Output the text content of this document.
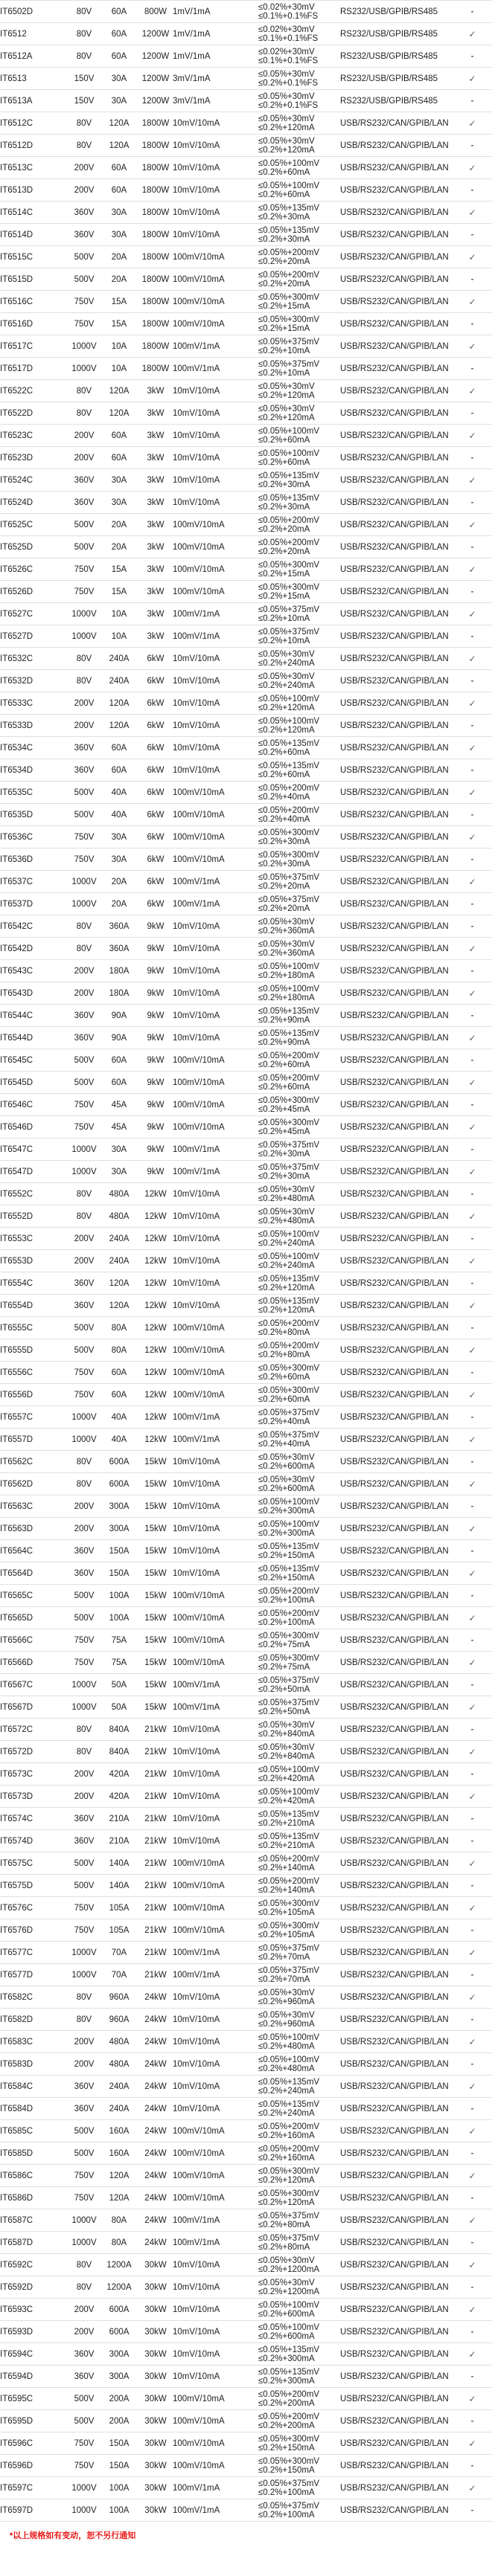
IT6502D	80V	60A	800W	1mV/1mA	≤0.02%+30mV
≤0.1%+0.1%FS	RS232/USB/GPIB/RS485	-
IT6512	80V	60A	1200W	1mV/1mA	≤0.02%+30mV
≤0.1%+0.1%FS	RS232/USB/GPIB/RS485	✓
IT6512A	80V	60A	1200W	1mV/1mA	≤0.02%+30mV
≤0.1%+0.1%FS	RS232/USB/GPIB/RS485	-
IT6513	150V	30A	1200W	3mV/1mA	≤0.05%+30mV
≤0.2%+0.1%FS	RS232/USB/GPIB/RS485	✓
IT6513A	150V	30A	1200W	3mV/1mA	≤0.05%+30mV
≤0.2%+0.1%FS	RS232/USB/GPIB/RS485	-
IT6512C	80V	120A	1800W	10mV/10mA	≤0.05%+30mV
≤0.2%+120mA	USB/RS232/CAN/GPIB/LAN	✓
IT6512D	80V	120A	1800W	10mV/10mA	≤0.05%+30mV
≤0.2%+120mA	USB/RS232/CAN/GPIB/LAN	-
IT6513C	200V	60A	1800W	10mV/10mA	≤0.05%+100mV
≤0.2%+60mA	USB/RS232/CAN/GPIB/LAN	✓
IT6513D	200V	60A	1800W	10mV/10mA	≤0.05%+100mV
≤0.2%+60mA	USB/RS232/CAN/GPIB/LAN	-
IT6514C	360V	30A	1800W	10mV/10mA	≤0.05%+135mV
≤0.2%+30mA	USB/RS232/CAN/GPIB/LAN	✓
IT6514D	360V	30A	1800W	10mV/10mA	≤0.05%+135mV
≤0.2%+30mA	USB/RS232/CAN/GPIB/LAN	-
IT6515C	500V	20A	1800W	100mV/10mA	≤0.05%+200mV
≤0.2%+20mA	USB/RS232/CAN/GPIB/LAN	✓
IT6515D	500V	20A	1800W	100mV/10mA	≤0.05%+200mV
≤0.2%+20mA	USB/RS232/CAN/GPIB/LAN	-
IT6516C	750V	15A	1800W	100mV/10mA	≤0.05%+300mV
≤0.2%+15mA	USB/RS232/CAN/GPIB/LAN	✓
IT6516D	750V	15A	1800W	100mV/10mA	≤0.05%+300mV
≤0.2%+15mA	USB/RS232/CAN/GPIB/LAN	-
IT6517C	1000V	10A	1800W	100mV/1mA	≤0.05%+375mV
≤0.2%+10mA	USB/RS232/CAN/GPIB/LAN	✓
IT6517D	1000V	10A	1800W	100mV/1mA	≤0.05%+375mV
≤0.2%+10mA	USB/RS232/CAN/GPIB/LAN	-
IT6522C	80V	120A	3kW	10mV/10mA	≤0.05%+30mV
≤0.2%+120mA	USB/RS232/CAN/GPIB/LAN	✓
IT6522D	80V	120A	3kW	10mV/10mA	≤0.05%+30mV
≤0.2%+120mA	USB/RS232/CAN/GPIB/LAN	-
IT6523C	200V	60A	3kW	10mV/10mA	≤0.05%+100mV
≤0.2%+60mA	USB/RS232/CAN/GPIB/LAN	✓
IT6523D	200V	60A	3kW	10mV/10mA	≤0.05%+100mV
≤0.2%+60mA	USB/RS232/CAN/GPIB/LAN	-
IT6524C	360V	30A	3kW	10mV/10mA	≤0.05%+135mV
≤0.2%+30mA	USB/RS232/CAN/GPIB/LAN	✓
IT6524D	360V	30A	3kW	10mV/10mA	≤0.05%+135mV
≤0.2%+30mA	USB/RS232/CAN/GPIB/LAN	-
IT6525C	500V	20A	3kW	100mV/10mA	≤0.05%+200mV
≤0.2%+20mA	USB/RS232/CAN/GPIB/LAN	✓
IT6525D	500V	20A	3kW	100mV/10mA	≤0.05%+200mV
≤0.2%+20mA	USB/RS232/CAN/GPIB/LAN	-
IT6526C	750V	15A	3kW	100mV/10mA	≤0.05%+300mV
≤0.2%+15mA	USB/RS232/CAN/GPIB/LAN	✓
IT6526D	750V	15A	3kW	100mV/10mA	≤0.05%+300mV
≤0.2%+15mA	USB/RS232/CAN/GPIB/LAN	-
IT6527C	1000V	10A	3kW	100mV/1mA	≤0.05%+375mV
≤0.2%+10mA	USB/RS232/CAN/GPIB/LAN	✓
IT6527D	1000V	10A	3kW	100mV/1mA	≤0.05%+375mV
≤0.2%+10mA	USB/RS232/CAN/GPIB/LAN	-
IT6532C	80V	240A	6kW	10mV/10mA	≤0.05%+30mV
≤0.2%+240mA	USB/RS232/CAN/GPIB/LAN	✓
IT6532D	80V	240A	6kW	10mV/10mA	≤0.05%+30mV
≤0.2%+240mA	USB/RS232/CAN/GPIB/LAN	-
IT6533C	200V	120A	6kW	10mV/10mA	≤0.05%+100mV
≤0.2%+120mA	USB/RS232/CAN/GPIB/LAN	✓
IT6533D	200V	120A	6kW	10mV/10mA	≤0.05%+100mV
≤0.2%+120mA	USB/RS232/CAN/GPIB/LAN	-
IT6534C	360V	60A	6kW	10mV/10mA	≤0.05%+135mV
≤0.2%+60mA	USB/RS232/CAN/GPIB/LAN	✓
IT6534D	360V	60A	6kW	10mV/10mA	≤0.05%+135mV
≤0.2%+60mA	USB/RS232/CAN/GPIB/LAN	-
IT6535C	500V	40A	6kW	100mV/10mA	≤0.05%+200mV
≤0.2%+40mA	USB/RS232/CAN/GPIB/LAN	✓
IT6535D	500V	40A	6kW	100mV/10mA	≤0.05%+200mV
≤0.2%+40mA	USB/RS232/CAN/GPIB/LAN	-
IT6536C	750V	30A	6kW	100mV/10mA	≤0.05%+300mV
≤0.2%+30mA	USB/RS232/CAN/GPIB/LAN	✓
IT6536D	750V	30A	6kW	100mV/10mA	≤0.05%+300mV
≤0.2%+30mA	USB/RS232/CAN/GPIB/LAN	-
IT6537C	1000V	20A	6kW	100mV/1mA	≤0.05%+375mV
≤0.2%+20mA	USB/RS232/CAN/GPIB/LAN	✓
IT6537D	1000V	20A	6kW	100mV/1mA	≤0.05%+375mV
≤0.2%+20mA	USB/RS232/CAN/GPIB/LAN	-
IT6542C	80V	360A	9kW	10mV/10mA	≤0.05%+30mV
≤0.2%+360mA	USB/RS232/CAN/GPIB/LAN	-
IT6542D	80V	360A	9kW	10mV/10mA	≤0.05%+30mV
≤0.2%+360mA	USB/RS232/CAN/GPIB/LAN	✓
IT6543C	200V	180A	9kW	10mV/10mA	≤0.05%+100mV
≤0.2%+180mA	USB/RS232/CAN/GPIB/LAN	-
IT6543D	200V	180A	9kW	10mV/10mA	≤0.05%+100mV
≤0.2%+180mA	USB/RS232/CAN/GPIB/LAN	✓
IT6544C	360V	90A	9kW	10mV/10mA	≤0.05%+135mV
≤0.2%+90mA	USB/RS232/CAN/GPIB/LAN	-
IT6544D	360V	90A	9kW	10mV/10mA	≤0.05%+135mV
≤0.2%+90mA	USB/RS232/CAN/GPIB/LAN	✓
IT6545C	500V	60A	9kW	100mV/10mA	≤0.05%+200mV
≤0.2%+60mA	USB/RS232/CAN/GPIB/LAN	-
IT6545D	500V	60A	9kW	100mV/10mA	≤0.05%+200mV
≤0.2%+60mA	USB/RS232/CAN/GPIB/LAN	✓
IT6546C	750V	45A	9kW	100mV/10mA	≤0.05%+300mV
≤0.2%+45mA	USB/RS232/CAN/GPIB/LAN	-
IT6546D	750V	45A	9kW	100mV/10mA	≤0.05%+300mV
≤0.2%+45mA	USB/RS232/CAN/GPIB/LAN	✓
IT6547C	1000V	30A	9kW	100mV/1mA	≤0.05%+375mV
≤0.2%+30mA	USB/RS232/CAN/GPIB/LAN	-
IT6547D	1000V	30A	9kW	100mV/1mA	≤0.05%+375mV
≤0.2%+30mA	USB/RS232/CAN/GPIB/LAN	✓
IT6552C	80V	480A	12kW	10mV/10mA	≤0.05%+30mV
≤0.2%+480mA	USB/RS232/CAN/GPIB/LAN	-
IT6552D	80V	480A	12kW	10mV/10mA	≤0.05%+30mV
≤0.2%+480mA	USB/RS232/CAN/GPIB/LAN	✓
IT6553C	200V	240A	12kW	10mV/10mA	≤0.05%+100mV
≤0.2%+240mA	USB/RS232/CAN/GPIB/LAN	-
IT6553D	200V	240A	12kW	10mV/10mA	≤0.05%+100mV
≤0.2%+240mA	USB/RS232/CAN/GPIB/LAN	✓
IT6554C	360V	120A	12kW	10mV/10mA	≤0.05%+135mV
≤0.2%+120mA	USB/RS232/CAN/GPIB/LAN	-
IT6554D	360V	120A	12kW	10mV/10mA	≤0.05%+135mV
≤0.2%+120mA	USB/RS232/CAN/GPIB/LAN	✓
IT6555C	500V	80A	12kW	100mV/10mA	≤0.05%+200mV
≤0.2%+80mA	USB/RS232/CAN/GPIB/LAN	-
IT6555D	500V	80A	12kW	100mV/10mA	≤0.05%+200mV
≤0.2%+80mA	USB/RS232/CAN/GPIB/LAN	✓
IT6556C	750V	60A	12kW	100mV/10mA	≤0.05%+300mV
≤0.2%+60mA	USB/RS232/CAN/GPIB/LAN	-
IT6556D	750V	60A	12kW	100mV/10mA	≤0.05%+300mV
≤0.2%+60mA	USB/RS232/CAN/GPIB/LAN	✓
IT6557C	1000V	40A	12kW	100mV/1mA	≤0.05%+375mV
≤0.2%+40mA	USB/RS232/CAN/GPIB/LAN	-
IT6557D	1000V	40A	12kW	100mV/1mA	≤0.05%+375mV
≤0.2%+40mA	USB/RS232/CAN/GPIB/LAN	✓
IT6562C	80V	600A	15kW	10mV/10mA	≤0.05%+30mV
≤0.2%+600mA	USB/RS232/CAN/GPIB/LAN	-
IT6562D	80V	600A	15kW	10mV/10mA	≤0.05%+30mV
≤0.2%+600mA	USB/RS232/CAN/GPIB/LAN	✓
IT6563C	200V	300A	15kW	10mV/10mA	≤0.05%+100mV
≤0.2%+300mA	USB/RS232/CAN/GPIB/LAN	-
IT6563D	200V	300A	15kW	10mV/10mA	≤0.05%+100mV
≤0.2%+300mA	USB/RS232/CAN/GPIB/LAN	✓
IT6564C	360V	150A	15kW	10mV/10mA	≤0.05%+135mV
≤0.2%+150mA	USB/RS232/CAN/GPIB/LAN	-
IT6564D	360V	150A	15kW	10mV/10mA	≤0.05%+135mV
≤0.2%+150mA	USB/RS232/CAN/GPIB/LAN	✓
IT6565C	500V	100A	15kW	100mV/10mA	≤0.05%+200mV
≤0.2%+100mA	USB/RS232/CAN/GPIB/LAN	-
IT6565D	500V	100A	15kW	100mV/10mA	≤0.05%+200mV
≤0.2%+100mA	USB/RS232/CAN/GPIB/LAN	✓
IT6566C	750V	75A	15kW	100mV/10mA	≤0.05%+300mV
≤0.2%+75mA	USB/RS232/CAN/GPIB/LAN	-
IT6566D	750V	75A	15kW	100mV/10mA	≤0.05%+300mV
≤0.2%+75mA	USB/RS232/CAN/GPIB/LAN	✓
IT6567C	1000V	50A	15kW	100mV/1mA	≤0.05%+375mV
≤0.2%+50mA	USB/RS232/CAN/GPIB/LAN	-
IT6567D	1000V	50A	15kW	100mV/1mA	≤0.05%+375mV
≤0.2%+50mA	USB/RS232/CAN/GPIB/LAN	✓
IT6572C	80V	840A	21kW	10mV/10mA	≤0.05%+30mV
≤0.2%+840mA	USB/RS232/CAN/GPIB/LAN	-
IT6572D	80V	840A	21kW	10mV/10mA	≤0.05%+30mV
≤0.2%+840mA	USB/RS232/CAN/GPIB/LAN	✓
IT6573C	200V	420A	21kW	10mV/10mA	≤0.05%+100mV
≤0.2%+420mA	USB/RS232/CAN/GPIB/LAN	-
IT6573D	200V	420A	21kW	10mV/10mA	≤0.05%+100mV
≤0.2%+420mA	USB/RS232/CAN/GPIB/LAN	✓
IT6574C	360V	210A	21kW	10mV/10mA	≤0.05%+135mV
≤0.2%+210mA	USB/RS232/CAN/GPIB/LAN	-
IT6574D	360V	210A	21kW	10mV/10mA	≤0.05%+135mV
≤0.2%+210mA	USB/RS232/CAN/GPIB/LAN	-
IT6575C	500V	140A	21kW	100mV/10mA	≤0.05%+200mV
≤0.2%+140mA	USB/RS232/CAN/GPIB/LAN	✓
IT6575D	500V	140A	21kW	100mV/10mA	≤0.05%+200mV
≤0.2%+140mA	USB/RS232/CAN/GPIB/LAN	-
IT6576C	750V	105A	21kW	100mV/10mA	≤0.05%+300mV
≤0.2%+105mA	USB/RS232/CAN/GPIB/LAN	✓
IT6576D	750V	105A	21kW	100mV/10mA	≤0.05%+300mV
≤0.2%+105mA	USB/RS232/CAN/GPIB/LAN	-
IT6577C	1000V	70A	21kW	100mV/1mA	≤0.05%+375mV
≤0.2%+70mA	USB/RS232/CAN/GPIB/LAN	✓
IT6577D	1000V	70A	21kW	100mV/1mA	≤0.05%+375mV
≤0.2%+70mA	USB/RS232/CAN/GPIB/LAN	-
IT6582C	80V	960A	24kW	10mV/10mA	≤0.05%+30mV
≤0.2%+960mA	USB/RS232/CAN/GPIB/LAN	✓
IT6582D	80V	960A	24kW	10mV/10mA	≤0.05%+30mV
≤0.2%+960mA	USB/RS232/CAN/GPIB/LAN	-
IT6583C	200V	480A	24kW	10mV/10mA	≤0.05%+100mV
≤0.2%+480mA	USB/RS232/CAN/GPIB/LAN	✓
IT6583D	200V	480A	24kW	10mV/10mA	≤0.05%+100mV
≤0.2%+480mA	USB/RS232/CAN/GPIB/LAN	-
IT6584C	360V	240A	24kW	10mV/10mA	≤0.05%+135mV
≤0.2%+240mA	USB/RS232/CAN/GPIB/LAN	✓
IT6584D	360V	240A	24kW	10mV/10mA	≤0.05%+135mV
≤0.2%+240mA	USB/RS232/CAN/GPIB/LAN	-
IT6585C	500V	160A	24kW	100mV/10mA	≤0.05%+200mV
≤0.2%+160mA	USB/RS232/CAN/GPIB/LAN	✓
IT6585D	500V	160A	24kW	100mV/10mA	≤0.05%+200mV
≤0.2%+160mA	USB/RS232/CAN/GPIB/LAN	-
IT6586C	750V	120A	24kW	100mV/10mA	≤0.05%+300mV
≤0.2%+120mA	USB/RS232/CAN/GPIB/LAN	✓
IT6586D	750V	120A	24kW	100mV/10mA	≤0.05%+300mV
≤0.2%+120mA	USB/RS232/CAN/GPIB/LAN	-
IT6587C	1000V	80A	24kW	100mV/1mA	≤0.05%+375mV
≤0.2%+80mA	USB/RS232/CAN/GPIB/LAN	✓
IT6587D	1000V	80A	24kW	100mV/1mA	≤0.05%+375mV
≤0.2%+80mA	USB/RS232/CAN/GPIB/LAN	-
IT6592C	80V	1200A	30kW	10mV/10mA	≤0.05%+30mV
≤0.2%+1200mA	USB/RS232/CAN/GPIB/LAN	✓
IT6592D	80V	1200A	30kW	10mV/10mA	≤0.05%+30mV
≤0.2%+1200mA	USB/RS232/CAN/GPIB/LAN	-
IT6593C	200V	600A	30kW	10mV/10mA	≤0.05%+100mV
≤0.2%+600mA	USB/RS232/CAN/GPIB/LAN	✓
IT6593D	200V	600A	30kW	10mV/10mA	≤0.05%+100mV
≤0.2%+600mA	USB/RS232/CAN/GPIB/LAN	-
IT6594C	360V	300A	30kW	10mV/10mA	≤0.05%+135mV
≤0.2%+300mA	USB/RS232/CAN/GPIB/LAN	✓
IT6594D	360V	300A	30kW	10mV/10mA	≤0.05%+135mV
≤0.2%+300mA	USB/RS232/CAN/GPIB/LAN	-
IT6595C	500V	200A	30kW	100mV/10mA	≤0.05%+200mV
≤0.2%+200mA	USB/RS232/CAN/GPIB/LAN	✓
IT6595D	500V	200A	30kW	100mV/10mA	≤0.05%+200mV
≤0.2%+200mA	USB/RS232/CAN/GPIB/LAN	-
IT6596C	750V	150A	30kW	100mV/10mA	≤0.05%+300mV
≤0.2%+150mA	USB/RS232/CAN/GPIB/LAN	✓
IT6596D	750V	150A	30kW	100mV/10mA	≤0.05%+300mV
≤0.2%+150mA	USB/RS232/CAN/GPIB/LAN	-
IT6597C	1000V	100A	30kW	100mV/1mA	≤0.05%+375mV
≤0.2%+100mA	USB/RS232/CAN/GPIB/LAN	✓
IT6597D	1000V	100A	30kW	100mV/1mA	≤0.05%+375mV
≤0.2%+100mA	USB/RS232/CAN/GPIB/LAN	-
*以上规格如有变动，恕不另行通知
